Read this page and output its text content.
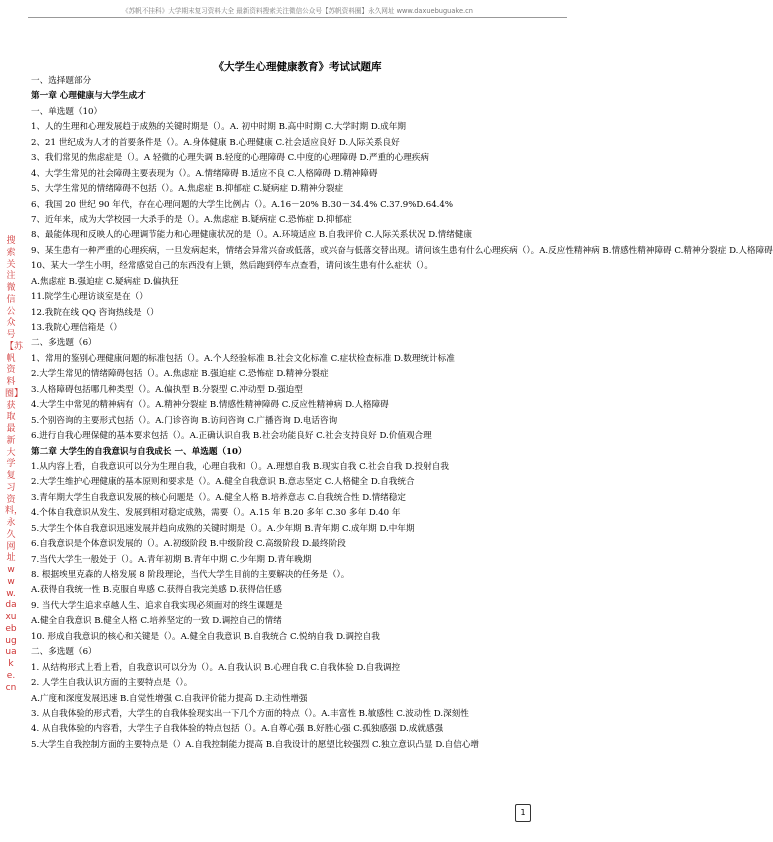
《苏帆不挂科》大学期末复习资料大全 最新资料搜索关注微信公众号【苏帆资料圈】永久网址 www.daxuebuguake.cn
搜索关注微信公众号【苏帆资料圈】 获取最新大学复习资料，永久网址 www.daxuebuguake.cn
《大学生心理健康教育》考试试题库
一、选择题部分
第一章 心理健康与大学生成才
一、单选题（10）
1、人的生理和心理发展趋于成熟的关键时期是（）。A. 初中时期 B.高中时期 C.大学时期 D.成年期
2、21 世纪成为人才的首要条件是（）。A.身体健康 B.心理健康 C.社会适应良好 D.人际关系良好
3、我们常见的焦虑症是（）。A 轻微的心理失调 B.轻度的心理障碍 C.中度的心理障碍 D.严重的心理疾病
4、大学生常见的社会障碍主要表现为（）。A.情绪障碍 B.适应不良 C.人格障碍 D.精神障碍
5、大学生常见的情绪障碍不包括（）。A.焦虑症 B.抑郁症 C.疑病症 D.精神分裂症
6、我国 20 世纪 90 年代，存在心理问题的大学生比例占（）。A.16－20% B.30－34.4% C.37.9%D.64.4%
7、近年来，成为大学校园一大杀手的是（）。A.焦虑症 B.疑病症 C.恐怖症 D.抑郁症
8、最能体现和反映人的心理调节能力和心理健康状况的是（）。A.环境适应 B.自我评价 C.人际关系状况 D.情绪健康
9、某生患有一种严重的心理疾病，一旦发病起来，情绪会异常兴奋或低落，或兴奋与低落交替出现。请问该生患有什么心理疾病（）。A.反应性精神病 B.情感性精神障碍 C.精神分裂症 D.人格障碍
10、某大一学生小明，经常感觉自己的东西没有上锁，然后跑到停车点查看，请问该生患有什么症状（）。
A.焦虑症 B.强迫症 C.疑病症 D.偏执狂
11.院学生心理访谈室是在（）
12.我院在线 QQ 咨询热线是（）
13.我院心理信箱是（）
二、多选题（6）
1、常用的鉴别心理健康问题的标准包括（）。A.个人经验标准 B.社会文化标准 C.症状检查标准 D.数理统计标准
2.大学生常见的情绪障碍包括（）。A.焦虑症 B.强迫症 C.恐怖症 D.精神分裂症
3.人格障碍包括哪几种类型（）。A.偏执型 B.分裂型 C.冲动型 D.强迫型
4.大学生中常见的精神病有（）。A.精神分裂症 B.情感性精神障碍 C.反应性精神病 D.人格障碍
5.个别咨询的主要形式包括（）。A.门诊咨询 B.访问咨询 C.广播咨询 D.电话咨询
6.进行自我心理保健的基本要求包括（）。A.正确认识自我 B.社会功能良好 C.社会支持良好 D.价值观合理
第二章 大学生的自我意识与自我成长 一、单选题（10）
1.从内容上看，自我意识可以分为生理自我，心理自我和（）。A.理想自我 B.现实自我 C.社会自我 D.投射自我
2.大学生维护心理健康的基本原则和要求是（）。A.健全自我意识 B.意志坚定 C.人格健全 D.自我统合
3.青年期大学生自我意识发展的核心问题是（）。A.健全人格 B.培养意志 C.自我统合性 D.情绪稳定
4.个体自我意识从发生、发展到相对稳定成熟，需要（）。A.15 年 B.20 多年 C.30 多年 D.40 年
5.大学生个体自我意识迅速发展并趋向成熟的关键时期是（）。A.少年期 B.青年期 C.成年期 D.中年期
6.自我意识是个体意识发展的（）。A.初级阶段 B.中级阶段 C.高级阶段 D.最终阶段
7.当代大学生一般处于（）。A.青年初期 B.青年中期 C.少年期 D.青年晚期
8. 根据埃里克森的人格发展 8 阶段理论，当代大学生目前的主要解决的任务是（）。
A.获得自我统一性 B.克服自卑感 C.获得自我完美感 D.获得信任感
9. 当代大学生追求卓越人生、追求自我实现必须面对的终生课题是
A.健全自我意识 B.健全人格 C.培养坚定的一致 D.调控自己的情绪
10. 形成自我意识的核心和关键是（）。A.健全自我意识 B.自我统合 C.悦纳自我 D.调控自我
二、多选题（6）
1. 从结构形式上看上看，自我意识可以分为（）。A.自我认识 B.心理自我 C.自我体验 D.自我调控
2. 人学生自我认识方面的主要特点是（）。
A.广度和深度发展迅速 B.自觉性增强 C.自我评价能力提高 D.主动性增强
3. 从自我体验的形式看，大学生的自我体验现实出一下几个方面的特点（）。A.丰富性 B.敏感性 C.波动性 D.深刻性
4. 从自我体验的内容看，大学生子自我体验的特点包括（）。A.自尊心强 B.好胜心强 C.孤独感强 D.成就感强
5.大学生自我控制方面的主要特点是（）A.自我控制能力提高 B.自我设计的愿望比较强烈 C.独立意识凸显 D.自信心增
1
